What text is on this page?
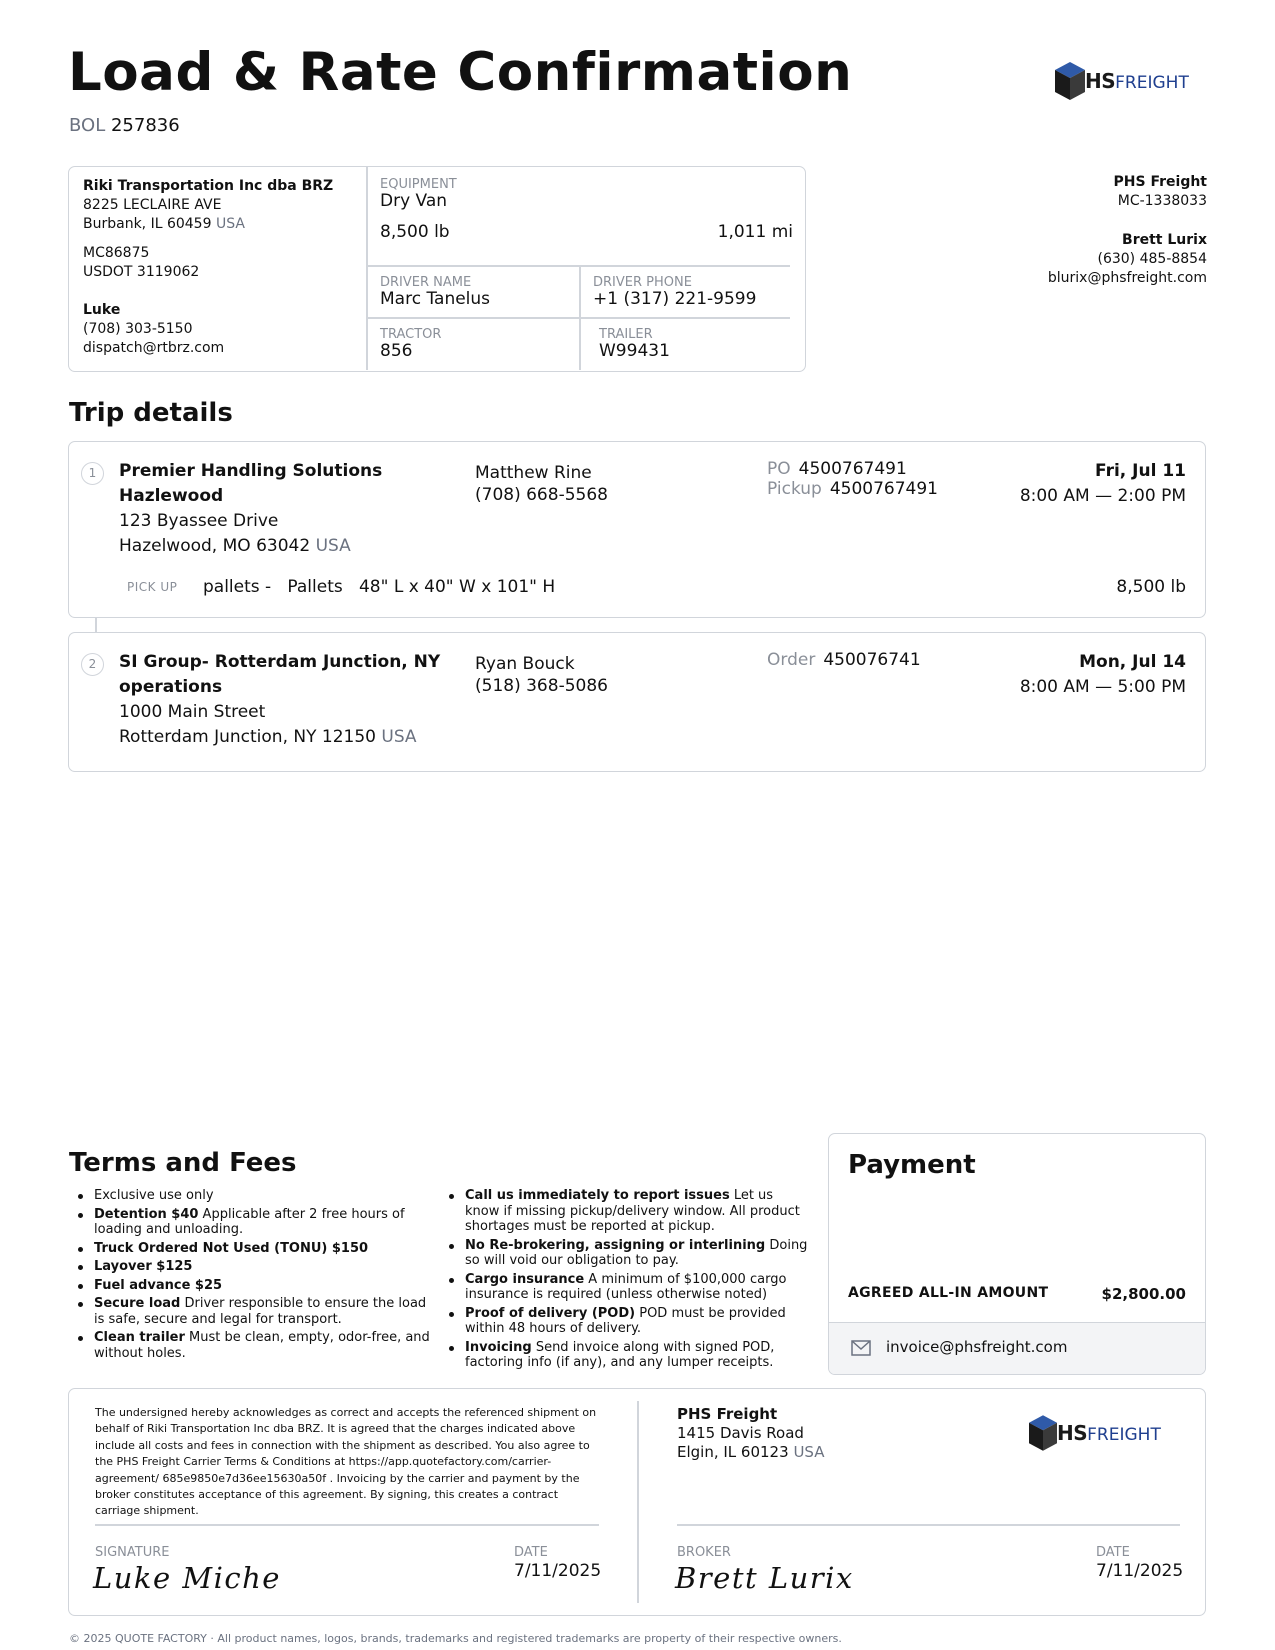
Load & Rate Confirmation
BOL 257836
HSFREIGHT
Riki Transportation Inc dba BRZ
8225 LECLAIRE AVE
Burbank, IL 60459 USA
MC86875
USDOT 3119062
Luke
(708) 303-5150
dispatch@rtbrz.com
EQUIPMENT
Dry Van
8,500 lb	1,011 mi
DRIVER NAME
Marc Tanelus
DRIVER PHONE
+1 (317) 221-9599
TRACTOR
856
TRAILER
W99431
PHS Freight
MC-1338033
Brett Lurix
(630) 485-8854
blurix@phsfreight.com
Trip details
1	Premier Handling Solutions
Hazlewood
123 Byassee Drive
Hazelwood, MO 63042 USA
Matthew Rine
(708) 668-5568
PO 4500767491
Pickup 4500767491
Fri, Jul 11
8:00 AM — 2:00 PM
PICK UP pallets - Pallets 48" L x 40" W x 101" H	8,500 lb
2	SI Group- Rotterdam Junction, NY
operations
1000 Main Street
Rotterdam Junction, NY 12150 USA
Ryan Bouck
(518) 368-5086
Order 450076741	Mon, Jul 14
8:00 AM — 5:00 PM
Terms and Fees
Exclusive use only
Detention $40 Applicable after 2 free hours of loading and unloading.
Truck Ordered Not Used (TONU) $150
Layover $125
Fuel advance $25
Secure load Driver responsible to ensure the load is safe, secure and legal for transport.
Clean trailer Must be clean, empty, odor-free, and without holes.
Call us immediately to report issues Let us know if missing pickup/delivery window. All product shortages must be reported at pickup.
No Re-brokering, assigning or interlining Doing so will void our obligation to pay.
Cargo insurance A minimum of $100,000 cargo insurance is required (unless otherwise noted)
Proof of delivery (POD) POD must be provided within 48 hours of delivery.
Invoicing Send invoice along with signed POD, factoring info (if any), and any lumper receipts.
Payment
AGREED ALL-IN AMOUNT	$2,800.00
invoice@phsfreight.com
The undersigned hereby acknowledges as correct and accepts the referenced shipment on behalf of Riki Transportation Inc dba BRZ. It is agreed that the charges indicated above include all costs and fees in connection with the shipment as described. You also agree to the PHS Freight Carrier Terms & Conditions at https://app.quotefactory.com/carrier-agreement/ 685e9850e7d36ee15630a50f . Invoicing by the carrier and payment by the broker constitutes acceptance of this agreement. By signing, this creates a contract carriage shipment.
PHS Freight
1415 Davis Road
Elgin, IL 60123 USA
HSFREIGHT
SIGNATURE
Luke Miche
DATE
7/11/2025
BROKER
Brett Lurix
DATE
7/11/2025
© 2025 QUOTE FACTORY · All product names, logos, brands, trademarks and registered trademarks are property of their respective owners.
